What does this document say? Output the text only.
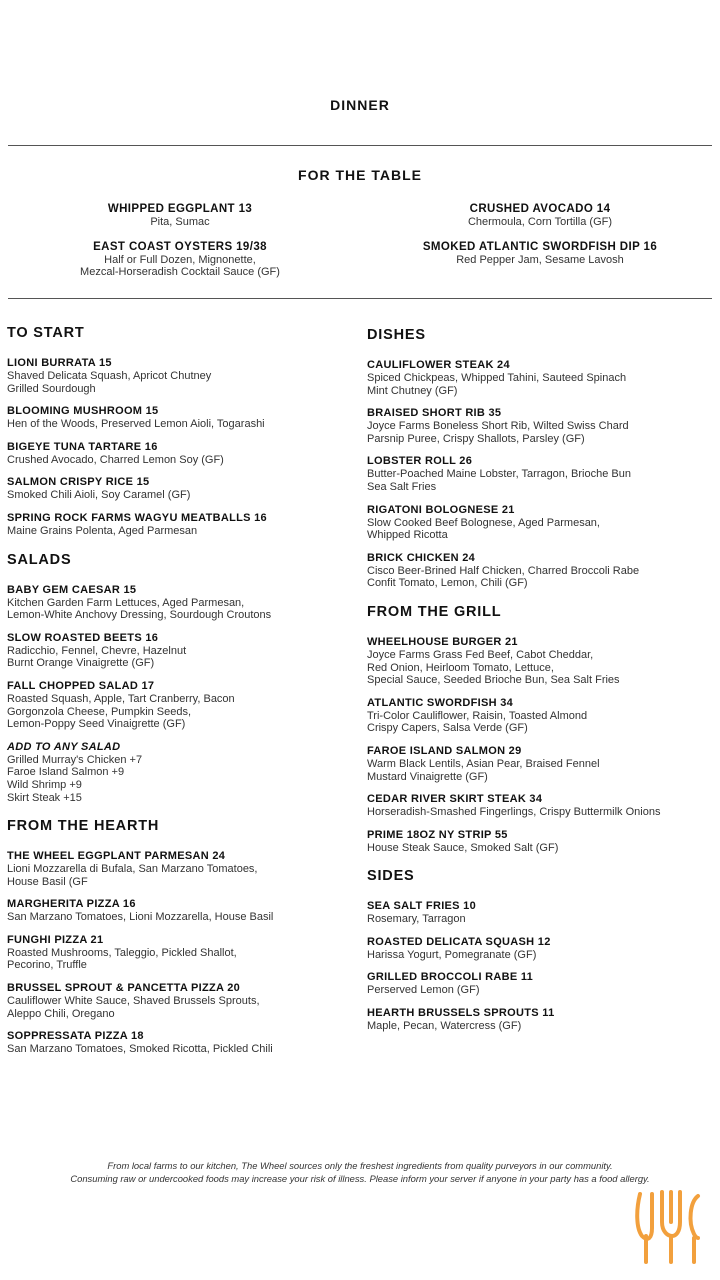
DINNER
FOR THE TABLE
WHIPPED EGGPLANT 13
Pita, Sumac
EAST COAST OYSTERS 19/38
Half or Full Dozen, Mignonette,
Mezcal-Horseradish Cocktail Sauce (GF)
CRUSHED AVOCADO 14
Chermoula, Corn Tortilla (GF)
SMOKED ATLANTIC SWORDFISH DIP 16
Red Pepper Jam, Sesame Lavosh
TO START
LIONI BURRATA 15
Shaved Delicata Squash, Apricot Chutney
Grilled Sourdough
BLOOMING MUSHROOM 15
Hen of the Woods, Preserved Lemon Aioli, Togarashi
BIGEYE TUNA TARTARE 16
Crushed Avocado, Charred Lemon Soy (GF)
SALMON CRISPY RICE 15
Smoked Chili Aioli, Soy Caramel (GF)
SPRING ROCK FARMS WAGYU MEATBALLS 16
Maine Grains Polenta, Aged Parmesan
SALADS
BABY GEM CAESAR 15
Kitchen Garden Farm Lettuces, Aged Parmesan,
Lemon-White Anchovy Dressing, Sourdough Croutons
SLOW ROASTED BEETS 16
Radicchio, Fennel, Chevre, Hazelnut
Burnt Orange Vinaigrette (GF)
FALL CHOPPED SALAD 17
Roasted Squash, Apple, Tart Cranberry, Bacon
Gorgonzola Cheese, Pumpkin Seeds,
Lemon-Poppy Seed Vinaigrette (GF)
ADD TO ANY SALAD
Grilled Murray's Chicken +7
Faroe Island Salmon +9
Wild Shrimp +9
Skirt Steak +15
FROM THE HEARTH
THE WHEEL EGGPLANT PARMESAN 24
Lioni Mozzarella di Bufala, San Marzano Tomatoes,
House Basil (GF
MARGHERITA PIZZA 16
San Marzano Tomatoes, Lioni Mozzarella, House Basil
FUNGHI PIZZA 21
Roasted Mushrooms, Taleggio, Pickled Shallot,
Pecorino, Truffle
BRUSSEL SPROUT & PANCETTA PIZZA 20
Cauliflower White Sauce, Shaved Brussels Sprouts,
Aleppo Chili, Oregano
SOPPRESSATA PIZZA 18
San Marzano Tomatoes, Smoked Ricotta, Pickled Chili
DISHES
CAULIFLOWER STEAK 24
Spiced Chickpeas, Whipped Tahini, Sauteed Spinach
Mint Chutney (GF)
BRAISED SHORT RIB 35
Joyce Farms Boneless Short Rib, Wilted Swiss Chard
Parsnip Puree, Crispy Shallots, Parsley (GF)
LOBSTER ROLL 26
Butter-Poached Maine Lobster, Tarragon, Brioche Bun
Sea Salt Fries
RIGATONI BOLOGNESE 21
Slow Cooked Beef Bolognese, Aged Parmesan,
Whipped Ricotta
BRICK CHICKEN 24
Cisco Beer-Brined Half Chicken, Charred Broccoli Rabe
Confit Tomato, Lemon, Chili (GF)
FROM THE GRILL
WHEELHOUSE BURGER 21
Joyce Farms Grass Fed Beef, Cabot Cheddar,
Red Onion, Heirloom Tomato, Lettuce,
Special Sauce, Seeded Brioche Bun, Sea Salt Fries
ATLANTIC SWORDFISH 34
Tri-Color Cauliflower, Raisin, Toasted Almond
Crispy Capers, Salsa Verde (GF)
FAROE ISLAND SALMON 29
Warm Black Lentils, Asian Pear, Braised Fennel
Mustard Vinaigrette (GF)
CEDAR RIVER SKIRT STEAK 34
Horseradish-Smashed Fingerlings, Crispy Buttermilk Onions
PRIME 18OZ NY STRIP 55
House Steak Sauce, Smoked Salt (GF)
SIDES
SEA SALT FRIES 10
Rosemary, Tarragon
ROASTED DELICATA SQUASH 12
Harissa Yogurt, Pomegranate (GF)
GRILLED BROCCOLI RABE 11
Perserved Lemon (GF)
HEARTH BRUSSELS SPROUTS 11
Maple, Pecan, Watercress (GF)
From local farms to our kitchen, The Wheel sources only the freshest ingredients from quality purveyors in our community.
Consuming raw or undercooked foods may increase your risk of illness. Please inform your server if anyone in your party has a food allergy.
